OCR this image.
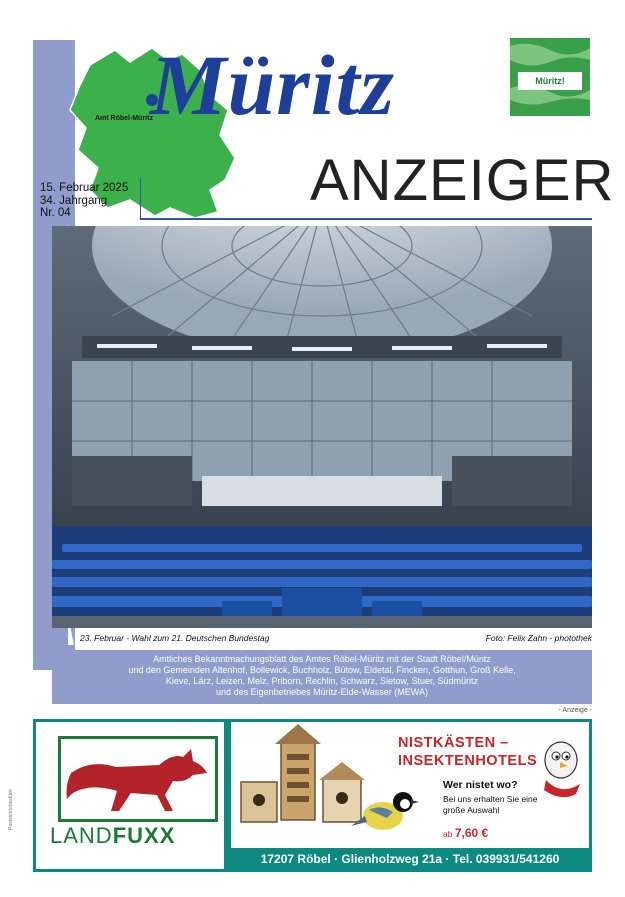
Amt Röbel-Müritz
Müritz
ANZEIGER
Müritz!
15. Februar 2025
34. Jahrgang
Nr. 04
23. Februar - Wahl zum 21. Deutschen Bundestag	Foto: Felix Zahn - photothek
Amtliches Bekanntmachungsblatt des Amtes Röbel-Müritz mit der Stadt Röbel/Müritz
und den Gemeinden Altenhof, Bollewick, Buchholz, Bütow, Eldetal, Fincken, Gotthun, Groß Kelle,
Kieve, Lärz, Leizen, Melz, Priborn, Rechlin, Schwarz, Sietow, Stuer, Südmüritz
und des Eigenbetriebes Müritz-Elde-Wasser (MEWA)
- Anzeige -
Postvertriebsstück
LANDFUXX
NISTKÄSTEN –
INSEKTENHOTELS
Wer nistet wo?
Bei uns erhalten Sie eine große Auswahl
ab 7,60 €
17207 Röbel · Glienholzweg 21a · Tel. 039931/541260
